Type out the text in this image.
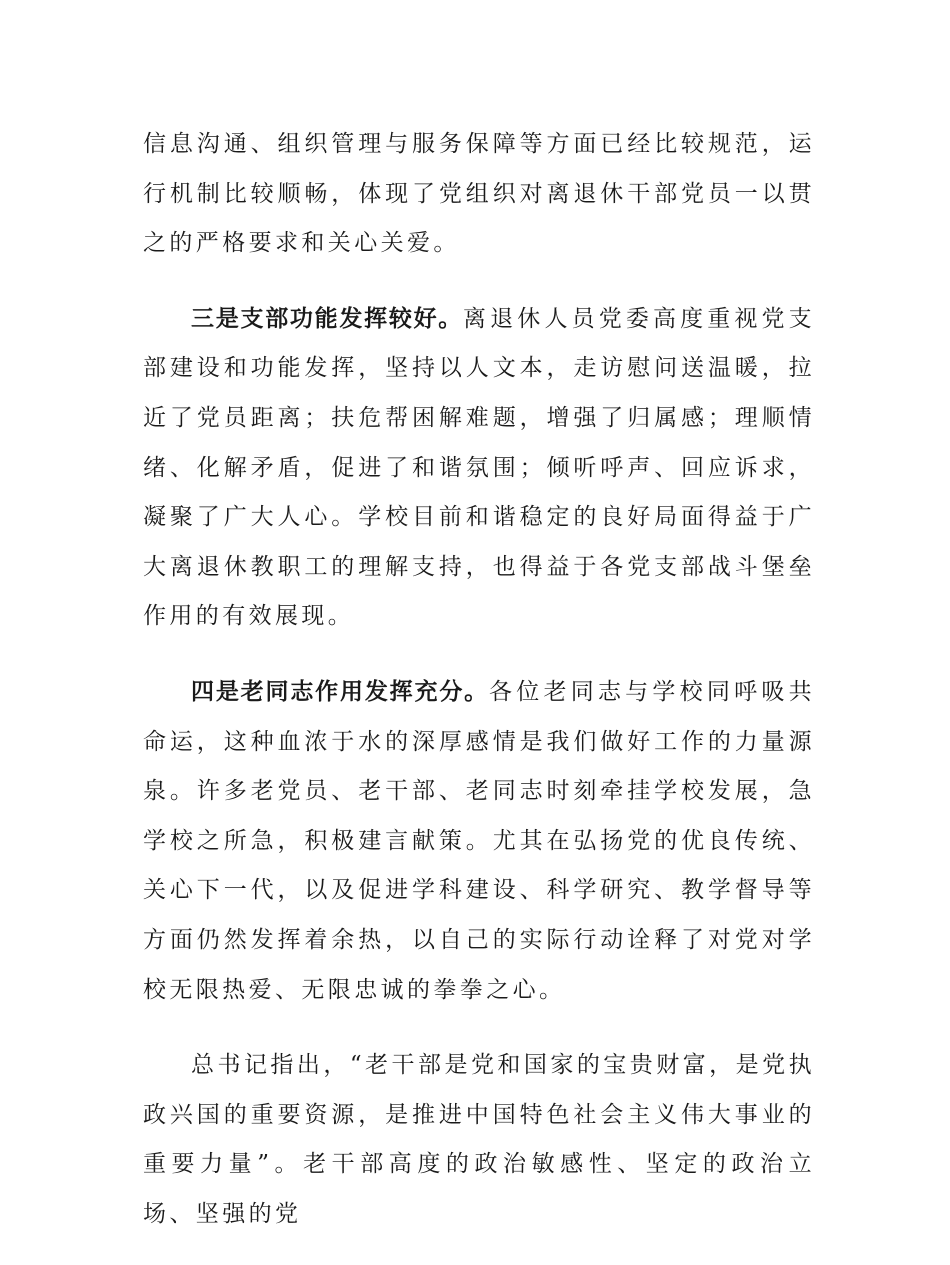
信息沟通、组织管理与服务保障等方面已经比较规范，运行机制比较顺畅，体现了党组织对离退休干部党员一以贯之的严格要求和关心关爱。

三是支部功能发挥较好。离退休人员党委高度重视党支部建设和功能发挥，坚持以人文本，走访慰问送温暖，拉近了党员距离；扶危帮困解难题，增强了归属感；理顺情绪、化解矛盾，促进了和谐氛围；倾听呼声、回应诉求，凝聚了广大人心。学校目前和谐稳定的良好局面得益于广大离退休教职工的理解支持，也得益于各党支部战斗堡垒作用的有效展现。

四是老同志作用发挥充分。各位老同志与学校同呼吸共命运，这种血浓于水的深厚感情是我们做好工作的力量源泉。许多老党员、老干部、老同志时刻牵挂学校发展，急学校之所急，积极建言献策。尤其在弘扬党的优良传统、关心下一代，以及促进学科建设、科学研究、教学督导等方面仍然发挥着余热，以自己的实际行动诠释了对党对学校无限热爱、无限忠诚的拳拳之心。

总书记指出，“老干部是党和国家的宝贵财富，是党执政兴国的重要资源，是推进中国特色社会主义伟大事业的重要力量”。老干部高度的政治敏感性、坚定的政治立场、坚强的党
